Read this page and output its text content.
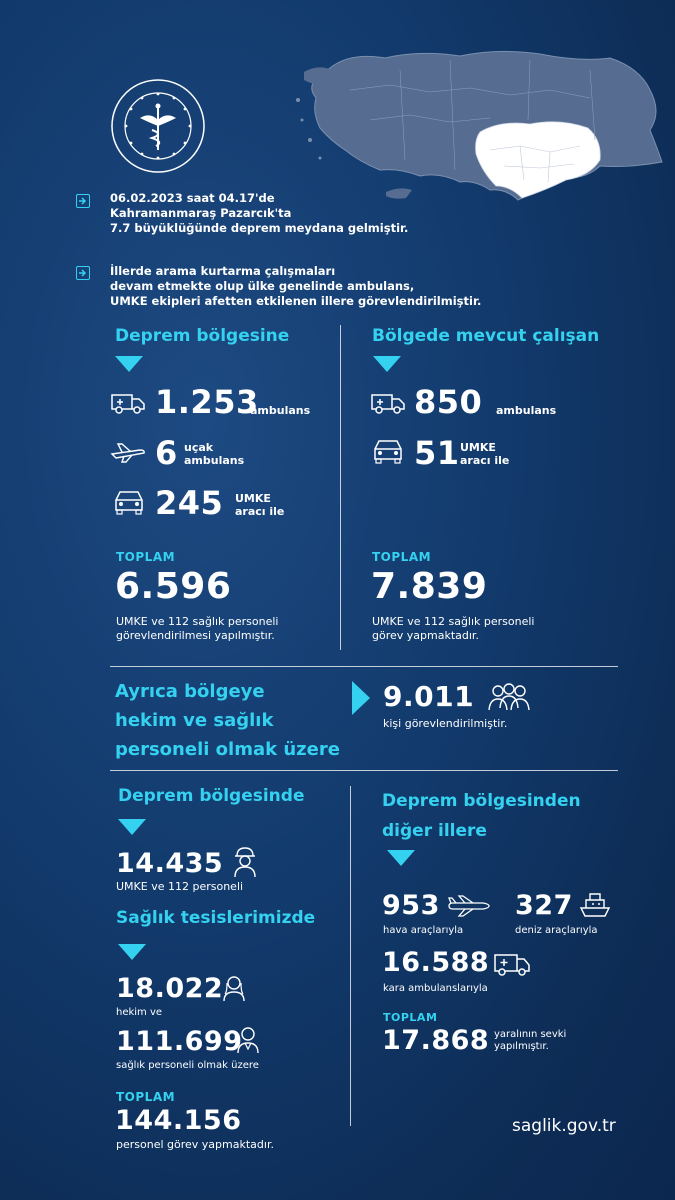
06.02.2023 saat 04.17'de
Kahramanmaraş Pazarcık'ta
7.7 büyüklüğünde deprem meydana gelmiştir.
İllerde arama kurtarma çalışmaları
devam etmekte olup ülke genelinde ambulans,
UMKE ekipleri afetten etkilenen illere görevlendirilmiştir.
Deprem bölgesine
1.253
ambulans
6 uçak
ambulans
245 UMKE
aracı ile
TOPLAM
6.596
UMKE ve 112 sağlık personeli
görevlendirilmesi yapılmıştır.
Bölgede mevcut çalışan
850 ambulans
51 UMKE
aracı ile
TOPLAM
7.839
UMKE ve 112 sağlık personeli
görev yapmaktadır.
Ayrıca bölgeye
hekim ve sağlık
personeli olmak üzere
9.011
kişi görevlendirilmiştir.
Deprem bölgesinde
14.435
UMKE ve 112 personeli
Sağlık tesislerimizde
18.022
hekim ve
111.699
sağlık personeli olmak üzere
TOPLAM
144.156
personel görev yapmaktadır.
Deprem bölgesinden
diğer illere
953
hava araçlarıyla
327
deniz araçlarıyla
16.588
kara ambulanslarıyla
TOPLAM
17.868 yaralının sevki
yapılmıştır.
saglik.gov.tr
